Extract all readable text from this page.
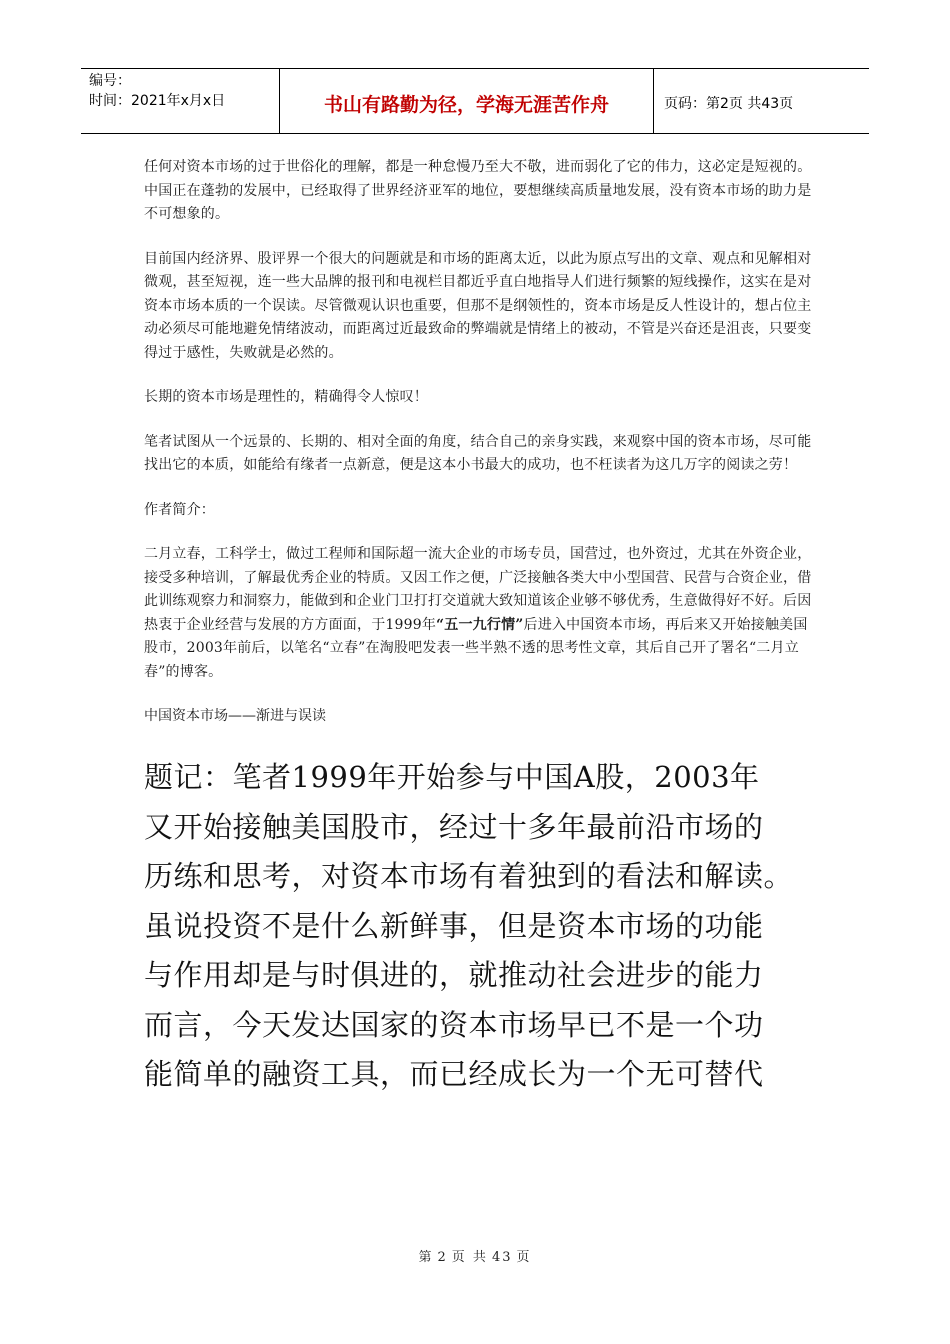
编号：
时间：2021年x月x日	书山有路勤为径，学海无涯苦作舟	页码：第2页 共43页

任何对资本市场的过于世俗化的理解，都是一种怠慢乃至大不敬，进而弱化了它的伟力，这必定是短视的。中国正在蓬勃的发展中，已经取得了世界经济亚军的地位，要想继续高质量地发展，没有资本市场的助力是不可想象的。

目前国内经济界、股评界一个很大的问题就是和市场的距离太近，以此为原点写出的文章、观点和见解相对微观，甚至短视，连一些大品牌的报刊和电视栏目都近乎直白地指导人们进行频繁的短线操作，这实在是对资本市场本质的一个误读。尽管微观认识也重要，但那不是纲领性的，资本市场是反人性设计的，想占位主动必须尽可能地避免情绪波动，而距离过近最致命的弊端就是情绪上的被动，不管是兴奋还是沮丧，只要变得过于感性，失败就是必然的。

长期的资本市场是理性的，精确得令人惊叹！

笔者试图从一个远景的、长期的、相对全面的角度，结合自己的亲身实践，来观察中国的资本市场，尽可能找出它的本质，如能给有缘者一点新意，便是这本小书最大的成功，也不枉读者为这几万字的阅读之劳！

作者简介：

二月立春，工科学士，做过工程师和国际超一流大企业的市场专员，国营过，也外资过，尤其在外资企业，接受多种培训，了解最优秀企业的特质。又因工作之便，广泛接触各类大中小型国营、民营与合资企业，借此训练观察力和洞察力，能做到和企业门卫打打交道就大致知道该企业够不够优秀，生意做得好不好。后因热衷于企业经营与发展的方方面面，于1999年“五一九行情”后进入中国资本市场，再后来又开始接触美国股市，2003年前后，以笔名“立春”在淘股吧发表一些半熟不透的思考性文章，其后自己开了署名“二月立春”的博客。

中国资本市场——渐进与误读

题记：笔者1999年开始参与中国A股，2003年

又开始接触美国股市，经过十多年最前沿市场的

历练和思考，对资本市场有着独到的看法和解读。

虽说投资不是什么新鲜事，但是资本市场的功能

与作用却是与时俱进的，就推动社会进步的能力

而言，今天发达国家的资本市场早已不是一个功

能简单的融资工具，而已经成长为一个无可替代

第 2 页 共 43 页
